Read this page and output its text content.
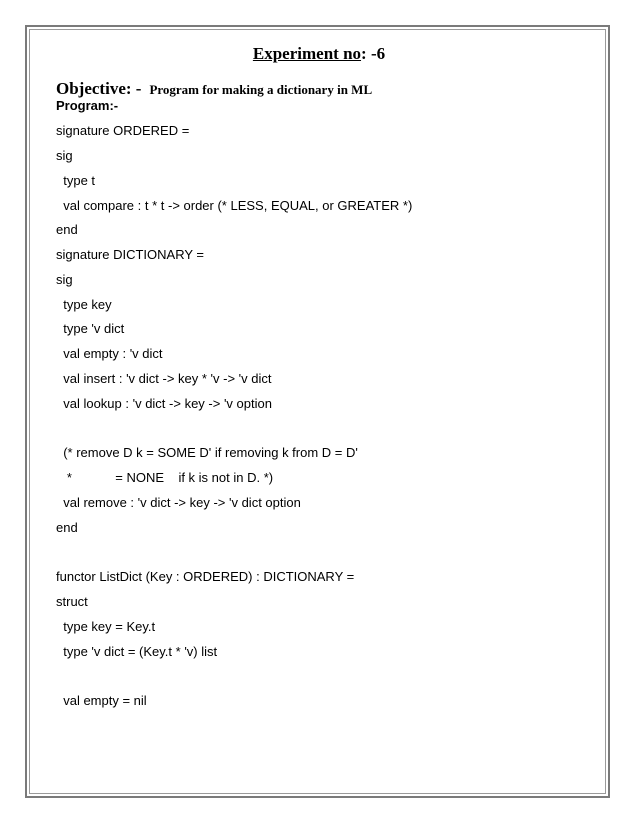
Experiment no: -6
Objective: - Program for making a dictionary in ML
Program:-
signature ORDERED =
sig
type t
val compare : t * t -> order (* LESS, EQUAL, or GREATER *)
end
signature DICTIONARY =
sig
type key
type 'v dict
val empty : 'v dict
val insert : 'v dict -> key * 'v -> 'v dict
val lookup : 'v dict -> key -> 'v option
(* remove D k = SOME D' if removing k from D = D'
*            = NONE    if k is not in D. *)
val remove : 'v dict -> key -> 'v dict option
end
functor ListDict (Key : ORDERED) : DICTIONARY =
struct
type key = Key.t
type 'v dict = (Key.t * 'v) list
val empty = nil
